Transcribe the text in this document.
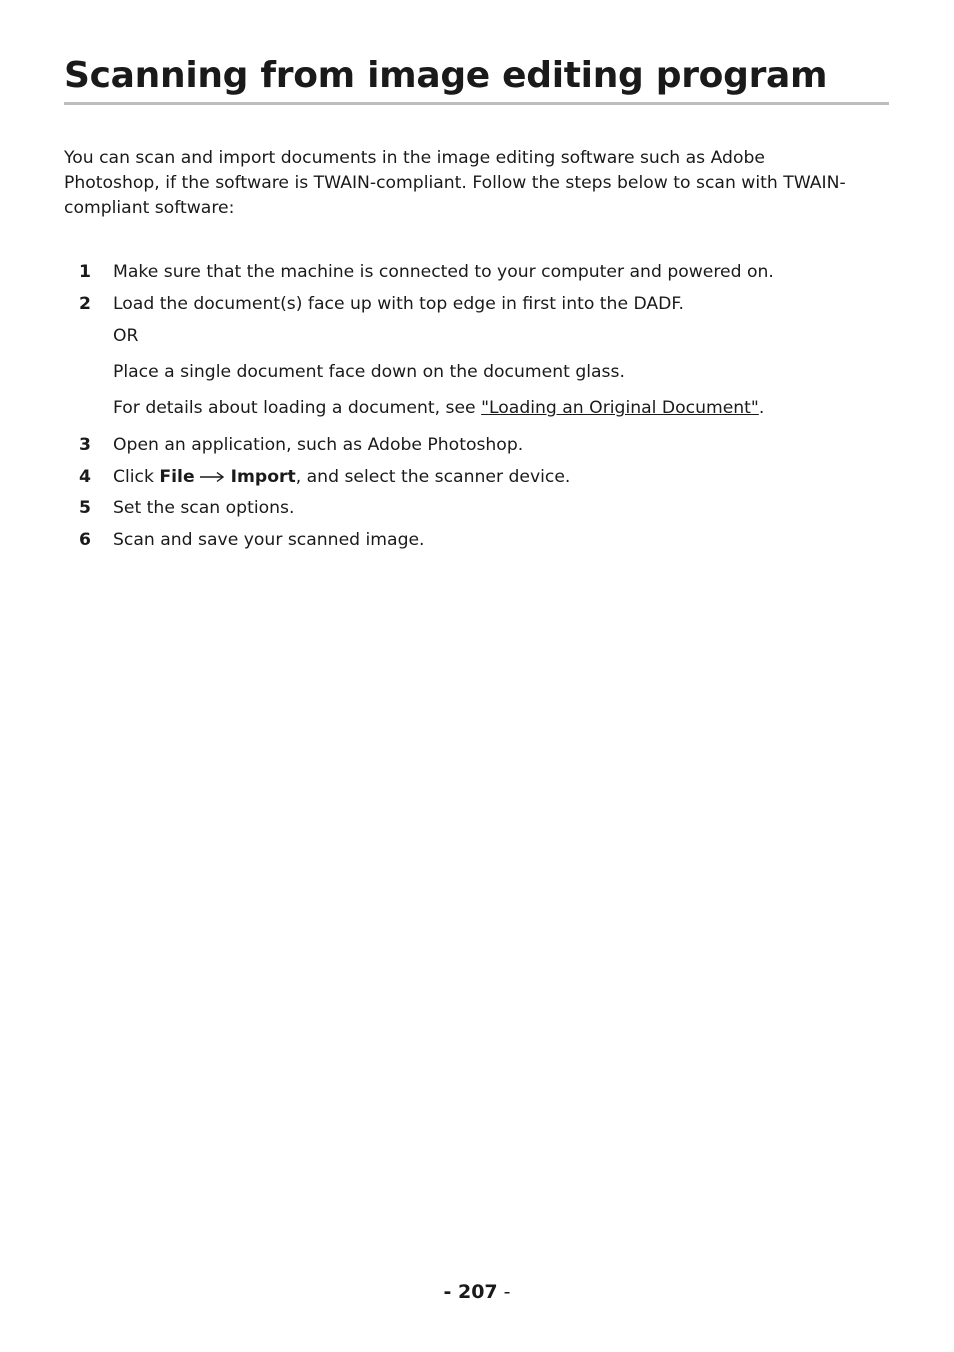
Scanning from image editing program

You can scan and import documents in the image editing software such as Adobe Photoshop, if the software is TWAIN-compliant. Follow the steps below to scan with TWAIN-compliant software:

1 Make sure that the machine is connected to your computer and powered on.
2 Load the document(s) face up with top edge in first into the DADF.
OR
Place a single document face down on the document glass.
For details about loading a document, see "Loading an Original Document".
3 Open an application, such as Adobe Photoshop.
4 Click File Import, and select the scanner device.
5 Set the scan options.
6 Scan and save your scanned image.
- 207 -
